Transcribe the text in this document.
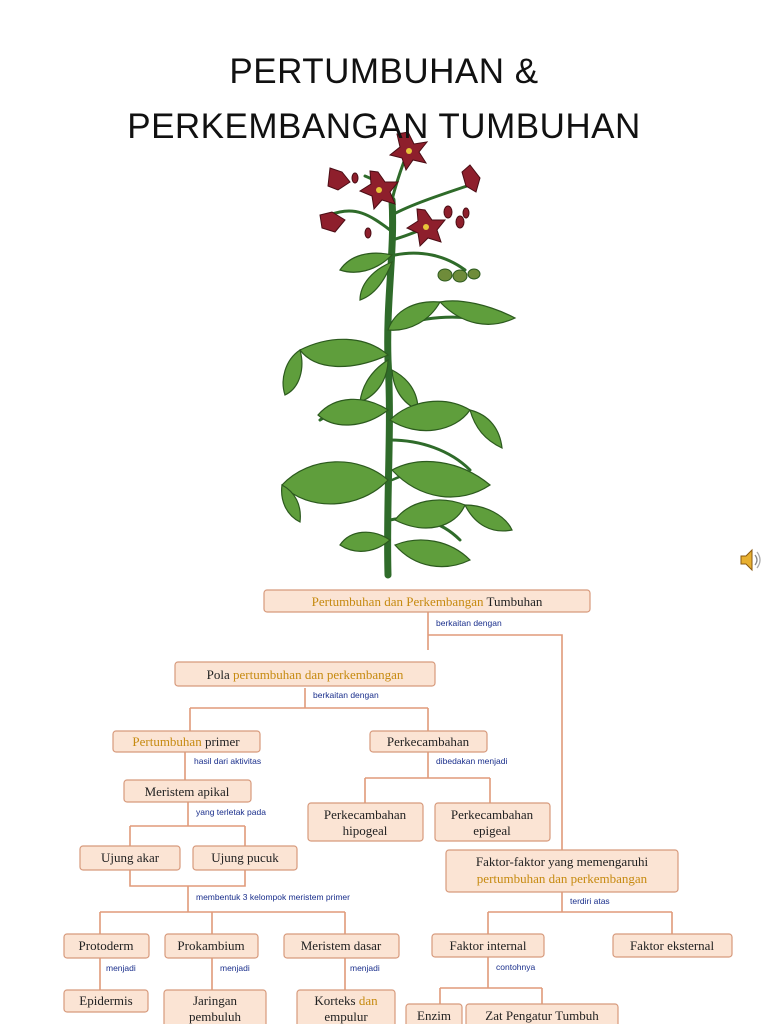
PERTUMBUHAN &
PERKEMBANGAN TUMBUHAN
Pertumbuhan dan Perkembangan Tumbuhan
berkaitan dengan
Pola pertumbuhan dan perkembangan
berkaitan dengan
Pertumbuhan primer
hasil dari aktivitas
Perkecambahan
dibedakan menjadi
Meristem apikal
yang terletak pada	Perkecambahan
hipogeal
Perkecambahan
epigeal
Ujung akar	Ujung pucuk	Faktor-faktor yang memengaruhi
pertumbuhan dan perkembangan
membentuk 3 kelompok meristem primer	terdiri atas
Protoderm	Prokambium	Meristem dasar	Faktor internal	Faktor eksternal
menjadi	menjadi	menjadi	contohnya
Epidermis	Jaringan
pembuluh
Korteks dan
empulur	Enzim	Zat Pengatur Tumbuh
